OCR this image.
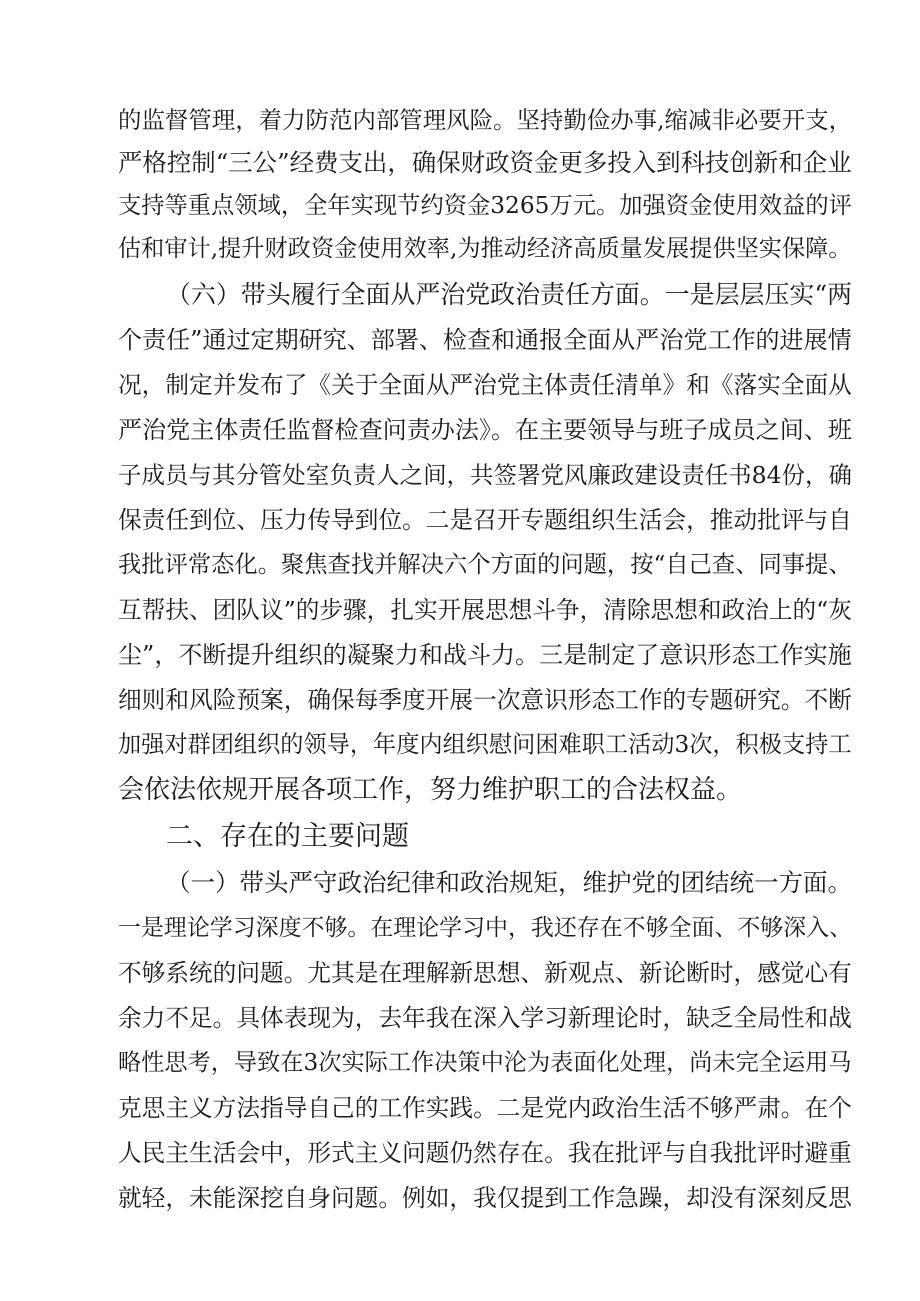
的监督管理，着力防范内部管理风险。坚持勤俭办事,缩减非必要开支，
严格控制“三公”经费支出，确保财政资金更多投入到科技创新和企业
支持等重点领域，全年实现节约资金3265万元。加强资金使用效益的评
估和审计,提升财政资金使用效率,为推动经济高质量发展提供坚实保障。
（六）带头履行全面从严治党政治责任方面。一是层层压实“两
个责任”通过定期研究、部署、检查和通报全面从严治党工作的进展情
况，制定并发布了《关于全面从严治党主体责任清单》和《落实全面从
严治党主体责任监督检查问责办法》。在主要领导与班子成员之间、班
子成员与其分管处室负责人之间，共签署党风廉政建设责任书84份，确
保责任到位、压力传导到位。二是召开专题组织生活会，推动批评与自
我批评常态化。聚焦查找并解决六个方面的问题，按“自己查、同事提、
互帮扶、团队议”的步骤，扎实开展思想斗争，清除思想和政治上的“灰
尘”，不断提升组织的凝聚力和战斗力。三是制定了意识形态工作实施
细则和风险预案，确保每季度开展一次意识形态工作的专题研究。不断
加强对群团组织的领导，年度内组织慰问困难职工活动3次，积极支持工
会依法依规开展各项工作，努力维护职工的合法权益。
二、存在的主要问题
（一）带头严守政治纪律和政治规矩，维护党的团结统一方面。
一是理论学习深度不够。在理论学习中，我还存在不够全面、不够深入、
不够系统的问题。尤其是在理解新思想、新观点、新论断时，感觉心有
余力不足。具体表现为，去年我在深入学习新理论时，缺乏全局性和战
略性思考，导致在3次实际工作决策中沦为表面化处理，尚未完全运用马
克思主义方法指导自己的工作实践。二是党内政治生活不够严肃。在个
人民主生活会中，形式主义问题仍然存在。我在批评与自我批评时避重
就轻，未能深挖自身问题。例如，我仅提到工作急躁，却没有深刻反思
